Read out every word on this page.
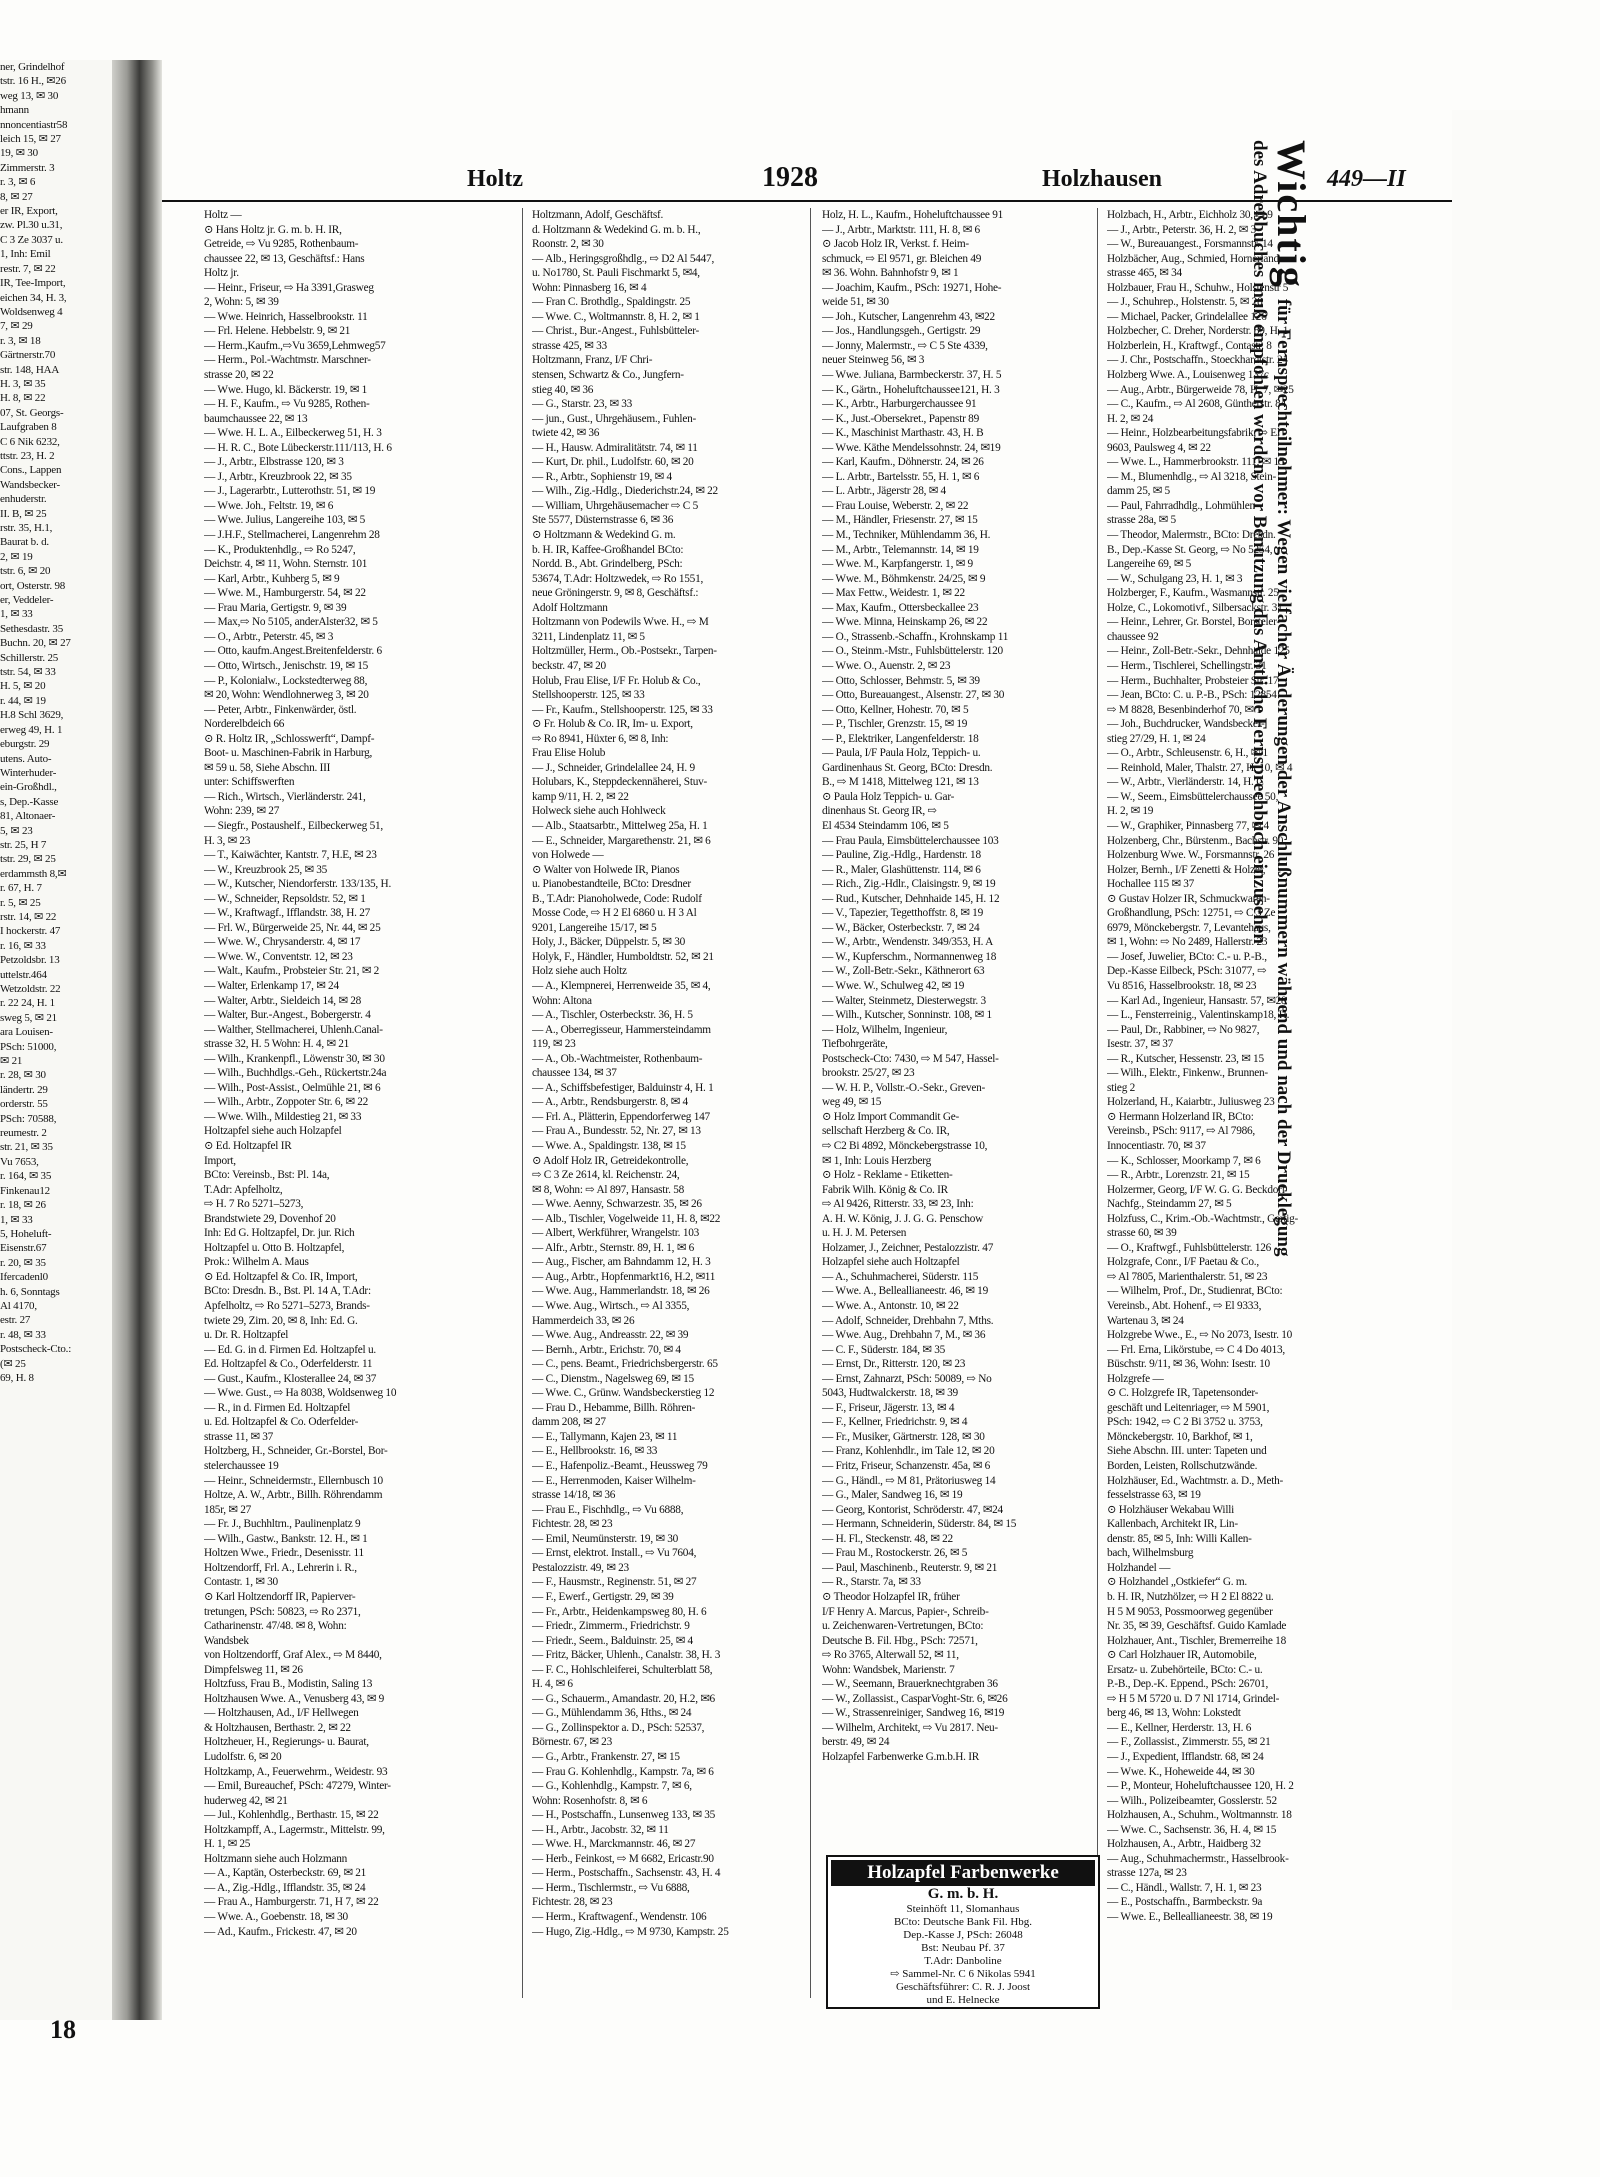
ner, Grindelhof
tstr. 16 H., ✉26
weg 13, ✉ 30
hmann
nnoncentiastr58
leich 15, ✉ 27
19, ✉ 30
Zimmerstr. 3
r. 3, ✉ 6
8, ✉ 27
er IR, Export,
zw. Pl.30 u.31,
C 3 Ze 3037 u.
1, Inh: Emil
restr. 7, ✉ 22
IR, Tee-Import,
eichen 34, H. 3,
Woldsenweg 4
7, ✉ 29
r. 3, ✉ 18
Gärtnerstr.70
str. 148, HAA
H. 3, ✉ 35
H. 8, ✉ 22
07, St. Georgs-
Laufgraben 8
C 6 Nik 6232,
ttstr. 23, H. 2
Cons., Lappen
Wandsbecker-
enhuderstr.
II. B, ✉ 25
rstr. 35, H.1,
Baurat b. d.
2, ✉ 19
tstr. 6, ✉ 20
ort, Osterstr. 98
er, Veddeler-
1, ✉ 33
Sethesdastr. 35
Buchn. 20, ✉ 27
Schillerstr. 25
tstr. 54, ✉ 33
H. 5, ✉ 20
r. 44, ✉ 19
H.8 Schl 3629,
erweg 49, H. 1
eburgstr. 29
utens. Auto-
Winterhuder-
ein-Großhdl.,
s, Dep.-Kasse
81, Altonaer-
5, ✉ 23
str. 25, H 7
tstr. 29, ✉ 25
erdammsth 8,✉
r. 67, H. 7
r. 5, ✉ 25
rstr. 14, ✉ 22
I hockerstr. 47
r. 16, ✉ 33
Petzoldsbr. 13
uttelstr.464
Wetzoldstr. 22
r. 22 24, H. 1
sweg 5, ✉ 21
ara Louisen-
PSch: 51000,
✉ 21
r. 28, ✉ 30
ländertr. 29
orderstr. 55
PSch: 70588,
reumestr. 2
str. 21, ✉ 35
Vu 7653,
r. 164, ✉ 35
Finkenau12
r. 18, ✉ 26
1, ✉ 33
5, Hoheluft-
Eisenstr.67
r. 20, ✉ 35
Ifercadenl0
h. 6, Sonntags
Al 4170,
estr. 27
r. 48, ✉ 33
Postscheck-Cto.:
(✉ 25
69, H. 8
Holtz	1928	Holzhausen	449—II
Holtz —
⊙ Hans Holtz jr. G. m. b. H. IR,
Getreide, ⇨ Vu 9285, Rothenbaum-
chaussee 22, ✉ 13, Geschäftsf.: Hans
Holtz jr.
— Heinr., Friseur, ⇨ Ha 3391,Grasweg
2, Wohn: 5, ✉ 39
— Wwe. Heinrich, Hasselbrookstr. 11
— Frl. Helene. Hebbelstr. 9, ✉ 21
— Herm.,Kaufm.,⇨Vu 3659,Lehmweg57
— Herm., Pol.-Wachtmstr. Marschner-
strasse 20, ✉ 22
— Wwe. Hugo, kl. Bäckerstr. 19, ✉ 1
— H. F., Kaufm., ⇨ Vu 9285, Rothen-
baumchaussee 22, ✉ 13
— Wwe. H. L. A., Eilbeckerweg 51, H. 3
— H. R. C., Bote Lübeckerstr.111/113, H. 6
— J., Arbtr., Elbstrasse 120, ✉ 3
— J., Arbtr., Kreuzbrook 22, ✉ 35
— J., Lagerarbtr., Lutterothstr. 51, ✉ 19
— Wwe. Joh., Feltstr. 19, ✉ 6
— Wwe. Julius, Langereihe 103, ✉ 5
— J.H.F., Stellmacherei, Langenrehm 28
— K., Produktenhdlg., ⇨ Ro 5247,
Deichstr. 4, ✉ 11, Wohn. Sternstr. 101
— Karl, Arbtr., Kuhberg 5, ✉ 9
— Wwe. M., Hamburgerstr. 54, ✉ 22
— Frau Maria, Gertigstr. 9, ✉ 39
— Max,⇨ No 5105, anderAlster32, ✉ 5
— O., Arbtr., Peterstr. 45, ✉ 3
— Otto, kaufm.Angest.Breitenfelderstr. 6
— Otto, Wirtsch., Jenischstr. 19, ✉ 15
— P., Kolonialw., Lockstedterweg 88,
✉ 20, Wohn: Wendlohnerweg 3, ✉ 20
— Peter, Arbtr., Finkenwärder, östl.
Norderelbdeich 66
⊙ R. Holtz IR, „Schlosswerft“, Dampf-
Boot- u. Maschinen-Fabrik in Harburg,
✉ 59 u. 58, Siehe Abschn. III
unter: Schiffswerften
— Rich., Wirtsch., Vierländerstr. 241,
Wohn: 239, ✉ 27
— Siegfr., Postaushelf., Eilbeckerweg 51,
H. 3, ✉ 23
— T., Kaiwächter, Kantstr. 7, H.E, ✉ 23
— W., Kreuzbrook 25, ✉ 35
— W., Kutscher, Niendorferstr. 133/135, H.
— W., Schneider, Repsoldstr. 52, ✉ 1
— W., Kraftwagf., Ifflandstr. 38, H. 27
— Frl. W., Bürgerweide 25, Nr. 44, ✉ 25
— Wwe. W., Chrysanderstr. 4, ✉ 17
— Wwe. W., Conventstr. 12, ✉ 23
— Walt., Kaufm., Probsteier Str. 21, ✉ 2
— Walter, Erlenkamp 17, ✉ 24
— Walter, Arbtr., Sieldeich 14, ✉ 28
— Walter, Bur.-Angest., Bobergerstr. 4
— Walther, Stellmacherei, Uhlenh.Canal-
strasse 32, H. 5 Wohn: H. 4, ✉ 21
— Wilh., Krankenpfl., Löwenstr 30, ✉ 30
— Wilh., Buchhdlgs.-Geh., Rückertstr.24a
— Wilh., Post-Assist., Oelmühle 21, ✉ 6
— Wilh., Arbtr., Zoppoter Str. 6, ✉ 22
— Wwe. Wilh., Mildestieg 21, ✉ 33
Holtzapfel siehe auch Holzapfel
⊙ Ed. Holtzapfel IR
Import,
BCto: Vereinsb., Bst: Pl. 14a,
T.Adr: Apfelholtz,
⇨ H. 7 Ro 5271–5273,
Brandstwiete 29, Dovenhof 20
Inh: Ed G. Holtzapfel, Dr. jur. Rich
Holtzapfel u. Otto B. Holtzapfel,
Prok.: Wilhelm A. Maus
⊙ Ed. Holtzapfel & Co. IR, Import,
BCto: Dresdn. B., Bst. Pl. 14 A, T.Adr:
Apfelholtz, ⇨ Ro 5271–5273, Brands-
twiete 29, Zim. 20, ✉ 8, Inh: Ed. G.
u. Dr. R. Holtzapfel
— Ed. G. in d. Firmen Ed. Holtzapfel u.
Ed. Holtzapfel & Co., Oderfelderstr. 11
— Gust., Kaufm., Klosterallee 24, ✉ 37
— Wwe. Gust., ⇨ Ha 8038, Woldsenweg 10
— R., in d. Firmen Ed. Holtzapfel
u. Ed. Holtzapfel & Co. Oderfelder-
strasse 11, ✉ 37
Holtzberg, H., Schneider, Gr.-Borstel, Bor-
stelerchaussee 19
— Heinr., Schneidermstr., Ellernbusch 10
Holtze, A. W., Arbtr., Billh. Röhrendamm
185r, ✉ 27
— Fr. J., Buchhltrn., Paulinenplatz 9
— Wilh., Gastw., Bankstr. 12. H., ✉ 1
Holtzen Wwe., Friedr., Desenisstr. 11
Holtzendorff, Frl. A., Lehrerin i. R.,
Contastr. 1, ✉ 30
⊙ Karl Holtzendorff IR, Papierver-
tretungen, PSch: 50823, ⇨ Ro 2371,
Catharinenstr. 47/48. ✉ 8, Wohn:
Wandsbek
von Holtzendorff, Graf Alex., ⇨ M 8440,
Dimpfelsweg 11, ✉ 26
Holtzfuss, Frau B., Modistin, Saling 13
Holtzhausen Wwe. A., Venusberg 43, ✉ 9
— Holtzhausen, Ad., I/F Hellwegen
& Holtzhausen, Berthastr. 2, ✉ 22
Holtzheuer, H., Regierungs- u. Baurat,
Ludolfstr. 6, ✉ 20
Holtzkamp, A., Feuerwehrm., Weidestr. 93
— Emil, Bureauchef, PSch: 47279, Winter-
huderweg 42, ✉ 21
— Jul., Kohlenhdlg., Berthastr. 15, ✉ 22
Holtzkampff, A., Lagermstr., Mittelstr. 99,
H. 1, ✉ 25
Holtzmann siehe auch Holzmann
— A., Kaptän, Osterbeckstr. 69, ✉ 21
— A., Zig.-Hdlg., Ifflandstr. 35, ✉ 24
— Frau A., Hamburgerstr. 71, H 7, ✉ 22
— Wwe. A., Goebenstr. 18, ✉ 30
— Ad., Kaufm., Frickestr. 47, ✉ 20
Holtzmann, Adolf, Geschäftsf.
d. Holtzmann & Wedekind G. m. b. H.,
Roonstr. 2, ✉ 30
— Alb., Heringsgroßhdlg., ⇨ D2 Al 5447,
u. No1780, St. Pauli Fischmarkt 5, ✉4,
Wohn: Pinnasberg 16, ✉ 4
— Fran C. Brothdlg., Spaldingstr. 25
— Wwe. C., Woltmannstr. 8, H. 2, ✉ 1
— Christ., Bur.-Angest., Fuhlsbütteler-
strasse 425, ✉ 33
Holtzmann, Franz, I/F Chri-
stensen, Schwartz & Co., Jungfern-
stieg 40, ✉ 36
— G., Starstr. 23, ✉ 33
— jun., Gust., Uhrgehäusem., Fuhlen-
twiete 42, ✉ 36
— H., Hausw. Admiralitätstr. 74, ✉ 11
— Kurt, Dr. phil., Ludolfstr. 60, ✉ 20
— R., Arbtr., Sophienstr 19, ✉ 4
— Wilh., Zig.-Hdlg., Diederichstr.24, ✉ 22
— William, Uhrgehäusemacher ⇨ C 5
Ste 5577, Düsternstrasse 6, ✉ 36
⊙ Holtzmann & Wedekind G. m.
b. H. IR, Kaffee-Großhandel BCto:
Nordd. B., Abt. Grindelberg, PSch:
53674, T.Adr: Holtzwedek, ⇨ Ro 1551,
neue Gröningerstr. 9, ✉ 8, Geschäftsf.:
Adolf Holtzmann
Holtzmann von Podewils Wwe. H., ⇨ M
3211, Lindenplatz 11, ✉ 5
Holtzmüller, Herm., Ob.-Postsekr., Tarpen-
beckstr. 47, ✉ 20
Holub, Frau Elise, I/F Fr. Holub & Co.,
Stellshooperstr. 125, ✉ 33
— Fr., Kaufm., Stellshooperstr. 125, ✉ 33
⊙ Fr. Holub & Co. IR, Im- u. Export,
⇨ Ro 8941, Hüxter 6, ✉ 8, Inh:
Frau Elise Holub
— J., Schneider, Grindelallee 24, H. 9
Holubars, K., Steppdeckennäherei, Stuv-
kamp 9/11, H. 2, ✉ 22
Holweck siehe auch Hohlweck
— Alb., Staatsarbtr., Mittelweg 25a, H. 1
— E., Schneider, Margarethenstr. 21, ✉ 6
von Holwede —
⊙ Walter von Holwede IR, Pianos
u. Pianobestandteile, BCto: Dresdner
B., T.Adr: Pianoholwede, Code: Rudolf
Mosse Code, ⇨ H 2 El 6860 u. H 3 Al
9201, Langereihe 15/17, ✉ 5
Holy, J., Bäcker, Düppelstr. 5, ✉ 30
Holyk, F., Händler, Humboldtstr. 52, ✉ 21
Holz siehe auch Holtz
— A., Klempnerei, Herrenweide 35, ✉ 4,
Wohn: Altona
— A., Tischler, Osterbeckstr. 36, H. 5
— A., Oberregisseur, Hammersteindamm
119, ✉ 23
— A., Ob.-Wachtmeister, Rothenbaum-
chaussee 134, ✉ 37
— A., Schiffsbefestiger, Balduinstr 4, H. 1
— A., Arbtr., Rendsburgerstr. 8, ✉ 4
— Frl. A., Plätterin, Eppendorferweg 147
— Frau A., Bundesstr. 52, Nr. 27, ✉ 13
— Wwe. A., Spaldingstr. 138, ✉ 15
⊙ Adolf Holz IR, Getreidekontrolle,
⇨ C 3 Ze 2614, kl. Reichenstr. 24,
✉ 8, Wohn: ⇨ Al 897, Hansastr. 58
— Wwe. Aenny, Schwarzestr. 35, ✉ 26
— Alb., Tischler, Vogelweide 11, H. 8, ✉22
— Albert, Werkführer, Wrangelstr. 103
— Alfr., Arbtr., Sternstr. 89, H. 1, ✉ 6
— Aug., Fischer, am Bahndamm 12, H. 3
— Aug., Arbtr., Hopfenmarkt16, H.2, ✉11
— Wwe. Aug., Hammerlandstr. 18, ✉ 26
— Wwe. Aug., Wirtsch., ⇨ Al 3355,
Hammerdeich 33, ✉ 26
— Wwe. Aug., Andreasstr. 22, ✉ 39
— Bernh., Arbtr., Erichstr. 70, ✉ 4
— C., pens. Beamt., Friedrichsbergerstr. 65
— C., Dienstm., Nagelsweg 69, ✉ 15
— Wwe. C., Grünw. Wandsbeckerstieg 12
— Frau D., Hebamme, Billh. Röhren-
damm 208, ✉ 27
— E., Tallymann, Kajen 23, ✉ 11
— E., Hellbrookstr. 16, ✉ 33
— E., Hafenpoliz.-Beamt., Heussweg 79
— E., Herrenmoden, Kaiser Wilhelm-
strasse 14/18, ✉ 36
— Frau E., Fischhdlg., ⇨ Vu 6888,
Fichtestr. 28, ✉ 23
— Emil, Neumünsterstr. 19, ✉ 30
— Ernst, elektrot. Install., ⇨ Vu 7604,
Pestalozzistr. 49, ✉ 23
— F., Hausmstr., Reginenstr. 51, ✉ 27
— F., Ewerf., Gertigstr. 29, ✉ 39
— Fr., Arbtr., Heidenkampsweg 80, H. 6
— Friedr., Zimmerm., Friedrichstr. 9
— Friedr., Seem., Balduinstr. 25, ✉ 4
— Fritz, Bäcker, Uhlenh., Canalstr. 38, H. 3
— F. C., Hohlschleiferei, Schulterblatt 58,
H. 4, ✉ 6
— G., Schauerm., Amandastr. 20, H.2, ✉6
— G., Mühlendamm 36, Hths., ✉ 24
— G., Zollinspektor a. D., PSch: 52537,
Börnestr. 67, ✉ 23
— G., Arbtr., Frankenstr. 27, ✉ 15
— Frau G. Kohlenhdlg., Kampstr. 7a, ✉ 6
— G., Kohlenhdlg., Kampstr. 7, ✉ 6,
Wohn: Rosenhofstr. 8, ✉ 6
— H., Postschaffn., Lunsenweg 133, ✉ 35
— H., Arbtr., Jacobstr. 32, ✉ 11
— Wwe. H., Marckmannstr. 46, ✉ 27
— Herb., Feinkost, ⇨ M 6682, Ericastr.90
— Herm., Postschaffn., Sachsenstr. 43, H. 4
— Herm., Tischlermstr., ⇨ Vu 6888,
Fichtestr. 28, ✉ 23
— Herm., Kraftwagenf., Wendenstr. 106
— Hugo, Zig.-Hdlg., ⇨ M 9730, Kampstr. 25
Holz, H. L., Kaufm., Hoheluftchaussee 91
— J., Arbtr., Marktstr. 111, H. 8, ✉ 6
⊙ Jacob Holz IR, Verkst. f. Heim-
schmuck, ⇨ El 9571, gr. Bleichen 49
✉ 36. Wohn. Bahnhofstr 9, ✉ 1
— Joachim, Kaufm., PSch: 19271, Hohe-
weide 51, ✉ 30
— Joh., Kutscher, Langenrehm 43, ✉22
— Jos., Handlungsgeh., Gertigstr. 29
— Jonny, Malermstr., ⇨ C 5 Ste 4339,
neuer Steinweg 56, ✉ 3
— Wwe. Juliana, Barmbeckerstr. 37, H. 5
— K., Gärtn., Hoheluftchaussee121, H. 3
— K., Arbtr., Harburgerchaussee 91
— K., Just.-Obersekret., Papenstr 89
— K., Maschinist Marthastr. 43, H. B
— Wwe. Käthe Mendelssohnstr. 24, ✉19
— Karl, Kaufm., Döhnerstr. 24, ✉ 26
— L. Arbtr., Bartelsstr. 55, H. 1, ✉ 6
— L. Arbtr., Jägerstr 28, ✉ 4
— Frau Louise, Weberstr. 2, ✉ 22
— M., Händler, Friesenstr. 27, ✉ 15
— M., Techniker, Mühlendamm 36, H.
— M., Arbtr., Telemannstr. 14, ✉ 19
— Wwe. M., Karpfangerstr. 1, ✉ 9
— Wwe. M., Böhmkenstr. 24/25, ✉ 9
— Max Fettw., Weidestr. 1, ✉ 22
— Max, Kaufm., Ottersbeckallee 23
— Wwe. Minna, Heinskamp 26, ✉ 22
— O., Strassenb.-Schaffn., Krohnskamp 11
— O., Steinm.-Mstr., Fuhlsbüttelerstr. 120
— Wwe. O., Auenstr. 2, ✉ 23
— Otto, Schlosser, Behmstr. 5, ✉ 39
— Otto, Bureauangest., Alsenstr. 27, ✉ 30
— Otto, Kellner, Hohestr. 70, ✉ 5
— P., Tischler, Grenzstr. 15, ✉ 19
— P., Elektriker, Langenfelderstr. 18
— Paula, I/F Paula Holz, Teppich- u.
Gardinenhaus St. Georg, BCto: Dresdn.
B., ⇨ M 1418, Mittelweg 121, ✉ 13
⊙ Paula Holz Teppich- u. Gar-
dinenhaus St. Georg IR, ⇨
El 4534 Steindamm 106, ✉ 5
— Frau Paula, Eimsbüttelerchaussee 103
— Pauline, Zig.-Hdlg., Hardenstr. 18
— R., Maler, Glashüttenstr. 114, ✉ 6
— Rich., Zig.-Hdlr., Claisingstr. 9, ✉ 19
— Rud., Kutscher, Dehnhaide 145, H. 12
— V., Tapezier, Tegetthoffstr. 8, ✉ 19
— W., Bäcker, Osterbeckstr. 7, ✉ 24
— W., Arbtr., Wendenstr. 349/353, H. A
— W., Kupferschm., Normannenweg 18
— W., Zoll-Betr.-Sekr., Käthnerort 63
— Wwe. W., Schulweg 42, ✉ 19
— Walter, Steinmetz, Diesterwegstr. 3
— Wilh., Kutscher, Sonninstr. 108, ✉ 1
— Holz, Wilhelm, Ingenieur,
Tiefbohrgeräte,
Postscheck-Cto: 7430, ⇨ M 547, Hassel-
brookstr. 25/27, ✉ 23
— W. H. P., Vollstr.-O.-Sekr., Greven-
weg 49, ✉ 15
⊙ Holz Import Commandit Ge-
sellschaft Herzberg & Co. IR,
⇨ C2 Bi 4892, Mönckebergstrasse 10,
✉ 1, Inh: Louis Herzberg
⊙ Holz - Reklame - Etiketten-
Fabrik Wilh. König & Co. IR
⇨ Al 9426, Ritterstr. 33, ✉ 23, Inh:
A. H. W. König, J. J. G. G. Penschow
u. H. J. M. Petersen
Holzamer, J., Zeichner, Pestalozzistr. 47
Holzapfel siehe auch Holtzapfel
— A., Schuhmacherei, Süderstr. 115
— Wwe. A., Belleallianeestr. 46, ✉ 19
— Wwe. A., Antonstr. 10, ✉ 22
— Adolf, Schneider, Drehbahn 7, Mths.
— Wwe. Aug., Drehbahn 7, M., ✉ 36
— C. F., Süderstr. 184, ✉ 35
— Ernst, Dr., Ritterstr. 120, ✉ 23
— Ernst, Zahnarzt, PSch: 50089, ⇨ No
5043, Hudtwalckerstr. 18, ✉ 39
— F., Friseur, Jägerstr. 13, ✉ 4
— F., Kellner, Friedrichstr. 9, ✉ 4
— Fr., Musiker, Gärtnerstr. 128, ✉ 30
— Franz, Kohlenhdlr., im Tale 12, ✉ 20
— Fritz, Friseur, Schanzenstr. 45a, ✉ 6
— G., Händl., ⇨ M 81, Prätoriusweg 14
— G., Maler, Sandweg 16, ✉ 19
— Georg, Kontorist, Schröderstr. 47, ✉24
— Hermann, Schneiderin, Süderstr. 84, ✉ 15
— H. Fl., Steckenstr. 48, ✉ 22
— Frau M., Rostockerstr. 26, ✉ 5
— Paul, Maschinenb., Reuterstr. 9, ✉ 21
— R., Starstr. 7a, ✉ 33
⊙ Theodor Holzapfel IR, früher
I/F Henry A. Marcus, Papier-, Schreib-
u. Zeichenwaren-Vertretungen, BCto:
Deutsche B. Fil. Hbg., PSch: 72571,
⇨ Ro 3765, Alterwall 52, ✉ 11,
Wohn: Wandsbek, Marienstr. 7
— W., Seemann, Brauerknechtgraben 36
— W., Zollassist., CasparVoght-Str. 6, ✉26
— W., Strassenreiniger, Sandweg 16, ✉19
— Wilhelm, Architekt, ⇨ Vu 2817. Neu-
berstr. 49, ✉ 24
Holzapfel Farbenwerke G.m.b.H. IR
Holzbach, H., Arbtr., Eichholz 30, ✉ 9
— J., Arbtr., Peterstr. 36, H. 2, ✉ 3
— W., Bureauangest., Forsmannstr. 14
Holzbächer, Aug., Schmied, Hornerland-
strasse 465, ✉ 34
Holzbauer, Frau H., Schuhw., Holstenstr 5
— J., Schuhrep., Holstenstr. 5, ✉ 28
— Michael, Packer, Grindelallee 126
Holzbecher, C. Dreher, Norderstr. 89, H. 1
Holzberlein, H., Kraftwgf., Contastr. 8
— J. Chr., Postschaffn., Stoeckhardtstr. 24
Holzberg Wwe. A., Louisenweg 137c
— Aug., Arbtr., Bürgerweide 78, H. 7, ✉25
— C., Kaufm., ⇨ Al 2608, Güntherstr. 84
H. 2, ✉ 24
— Heinr., Holzbearbeitungsfabrik, ⇨ El
9603, Paulsweg 4, ✉ 22
— Wwe. L., Hammerbrookstr. 111, ✉ 15
— M., Blumenhdlg., ⇨ Al 3218, Stein-
damm 25, ✉ 5
— Paul, Fahrradhdlg., Lohmühlen-
strasse 28a, ✉ 5
— Theodor, Malermstr., BCto: Dresdn.
B., Dep.-Kasse St. Georg, ⇨ No 5254,
Langereihe 69, ✉ 5
— W., Schulgang 23, H. 1, ✉ 3
Holzberger, F., Kaufm., Wasmannstr. 25
Holze, C., Lokomotivf., Silbersackstr. 31
— Heinr., Lehrer, Gr. Borstel, Borsteler-
chaussee 92
— Heinr., Zoll-Betr.-Sekr., Dehnhaide 125
— Herm., Tischlerei, Schellingstr. 31
— Herm., Buchhalter, Probsteier Str. 17
— Jean, BCto: C. u. P.-B., PSch: 12854
⇨ M 8828, Besenbinderhof 70, ✉ 1
— Joh., Buchdrucker, Wandsbecker-
stieg 27/29, H. 1, ✉ 24
— O., Arbtr., Schleusenstr. 6, H., ✉ 1
— Reinhold, Maler, Thalstr. 27, H. 10, ✉ 4
— W., Arbtr., Vierländerstr. 14, H. C
— W., Seem., Eimsbüttelerchaussee 50,
H. 2, ✉ 19
— W., Graphiker, Pinnasberg 77, ✉ 4
Holzenberg, Chr., Bürstenm., Bachstr. 90
Holzenburg Wwe. W., Forsmannstr. 26
Holzer, Bernh., I/F Zenetti & Holzer,
Hochallee 115 ✉ 37
⊙ Gustav Holzer IR, Schmuckwaren-
Großhandlung, PSch: 12751, ⇨ C 3 Ze
6979, Mönckebergstr. 7, Levantehaus,
✉ 1, Wohn: ⇨ No 2489, Hallerstr. 23
— Josef, Juwelier, BCto: C.- u. P.-B.,
Dep.-Kasse Eilbeck, PSch: 31077, ⇨
Vu 8516, Hasselbrookstr. 18, ✉ 23
— Karl Ad., Ingenieur, Hansastr. 57, ✉28
— L., Fensterreinig., Valentinskamp18, H.
— Paul, Dr., Rabbiner, ⇨ No 9827,
Isestr. 37, ✉ 37
— R., Kutscher, Hessenstr. 23, ✉ 15
— Wilh., Elektr., Finkenw., Brunnen-
stieg 2
Holzerland, H., Kaiarbtr., Juliusweg 23
⊙ Hermann Holzerland IR, BCto:
Vereinsb., PSch: 9117, ⇨ Al 7986,
Innocentiastr. 70, ✉ 37
— K., Schlosser, Moorkamp 7, ✉ 6
— R., Arbtr., Lorenzstr. 21, ✉ 15
Holzermer, Georg, I/F W. G. G. Beckdorf
Nachfg., Steindamm 27, ✉ 5
Holzfuss, C., Krim.-Ob.-Wachtmstr., Gertig-
strasse 60, ✉ 39
— O., Kraftwgf., Fuhlsbüttelerstr. 126
Holzgrafe, Conr., I/F Paetau & Co.,
⇨ Al 7805, Marienthalerstr. 51, ✉ 23
— Wilhelm, Prof., Dr., Studienrat, BCto:
Vereinsb., Abt. Hohenf., ⇨ El 9333,
Wartenau 3, ✉ 24
Holzgrebe Wwe., E., ⇨ No 2073, Isestr. 10
— Frl. Erna, Likörstube, ⇨ C 4 Do 4013,
Büschstr. 9/11, ✉ 36, Wohn: Isestr. 10
Holzgrefe —
⊙ C. Holzgrefe IR, Tapetensonder-
geschäft und Leitenriager, ⇨ M 5901,
PSch: 1942, ⇨ C 2 Bi 3752 u. 3753,
Mönckebergstr. 10, Barkhof, ✉ 1,
Siehe Abschn. III. unter: Tapeten und
Borden, Leisten, Rollschutzwände.
Holzhäuser, Ed., Wachtmstr. a. D., Meth-
fesselstrasse 63, ✉ 19
⊙ Holzhäuser Wekabau Willi
Kallenbach, Architekt IR, Lin-
denstr. 85, ✉ 5, Inh: Willi Kallen-
bach, Wilhelmsburg
Holzhandel —
⊙ Holzhandel „Ostkiefer“ G. m.
b. H. IR, Nutzhölzer, ⇨ H 2 El 8822 u.
H 5 M 9053, Possmoorweg gegenüber
Nr. 35, ✉ 39, Geschäftsf. Guido Kamlade
Holzhauer, Ant., Tischler, Bremerreihe 18
⊙ Carl Holzhauer IR, Automobile,
Ersatz- u. Zubehörteile, BCto: C.- u.
P.-B., Dep.-K. Eppend., PSch: 26701,
⇨ H 5 M 5720 u. D 7 Nl 1714, Grindel-
berg 46, ✉ 13, Wohn: Lokstedt
— E., Kellner, Herderstr. 13, H. 6
— F., Zollassist., Zimmerstr. 55, ✉ 21
— J., Expedient, Ifflandstr. 68, ✉ 24
— Wwe. K., Hoheweide 44, ✉ 30
— P., Monteur, Hoheluftchaussee 120, H. 2
— Wilh., Polizeibeamter, Gosslerstr. 52
Holzhausen, A., Schuhm., Woltmannstr. 18
— Wwe. C., Sachsenstr. 36, H. 4, ✉ 15
Holzhausen, A., Arbtr., Haidberg 32
— Aug., Schuhmachermstr., Hasselbrook-
strasse 127a, ✉ 23
— C., Händl., Wallstr. 7, H. 1, ✉ 23
— E., Postschaffn., Barmbeckstr. 9a
— Wwe. E., Belleallianeestr. 38, ✉ 19
Holzapfel Farbenwerke
G. m. b. H.
Steinhöft 11, Slomanhaus
BCto: Deutsche Bank Fil. Hbg.
Dep.-Kasse J, PSch: 26048
Bst: Neubau Pf. 37
T.Adr: Danboline
⇨ Sammel-Nr. C 6 Nikolas 5941
Geschäftsführer: C. R. J. Joost
und E. Helnecke
Wichtigfür Fernsprechteilnehmer: Wegen vielfacher Änderungen der Anschlußnummern während und nach der Drucklegung
des Adreßbuches muß empfohlen werden, vor Benutzung das Amtliche Fernsprechbuch einzusehen
18
